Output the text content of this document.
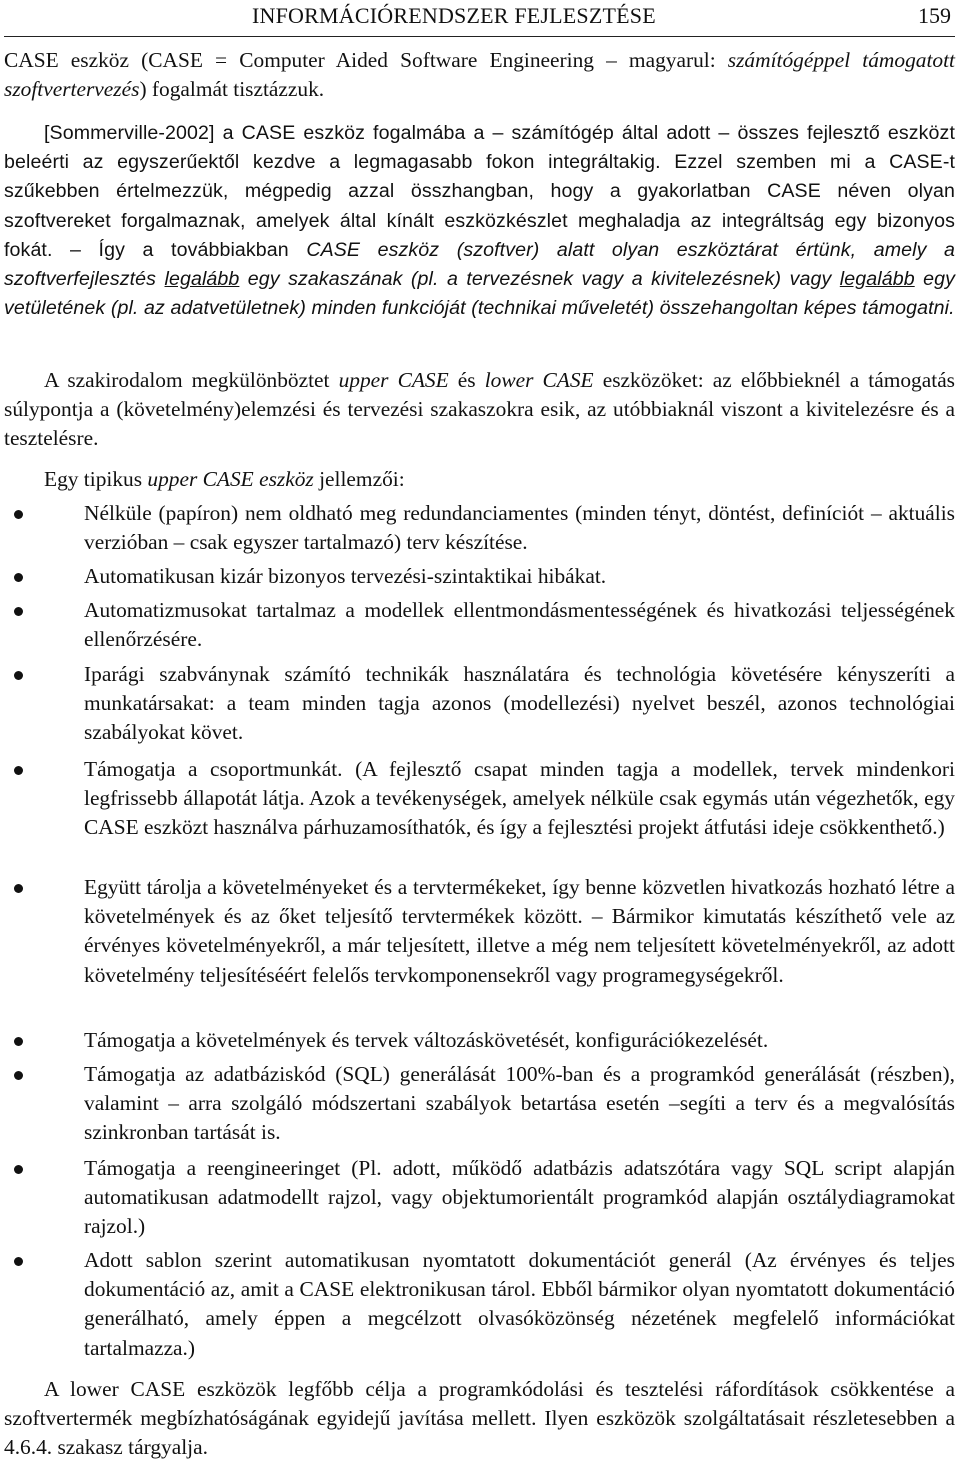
INFORMÁCIÓRENDSZER FEJLESZTÉSE	159

CASE eszköz (CASE = Computer Aided Software Engineering – magyarul: számítógéppel támogatott szoftvertervezés) fogalmát tisztázzuk.

[Sommerville-2002] a CASE eszköz fogalmába a – számítógép által adott – összes fejlesztő eszközt beleérti az egyszerűektől kezdve a legmagasabb fokon integráltakig. Ezzel szemben mi a CASE-t szűkebben értelmezzük, mégpedig azzal összhangban, hogy a gyakorlatban CASE néven olyan szoftvereket forgalmaznak, amelyek által kínált eszközkészlet meghaladja az integráltság egy bizonyos fokát. – Így a továbbiakban CASE eszköz (szoftver) alatt olyan eszköztárat értünk, amely a szoftverfejlesztés legalább egy szakaszának (pl. a tervezésnek vagy a kivitelezésnek) vagy legalább egy vetületének (pl. az adatvetületnek) minden funkcióját (technikai műveletét) összehangoltan képes támogatni.

A szakirodalom megkülönböztet upper CASE és lower CASE eszközöket: az előbbieknél a támogatás súlypontja a (követelmény)elemzési és tervezési szakaszokra esik, az utóbbiaknál viszont a kivitelezésre és a tesztelésre.

Egy tipikus upper CASE eszköz jellemzői:

Nélküle (papíron) nem oldható meg redundanciamentes (minden tényt, döntést, definíciót – aktuális verzióban – csak egyszer tartalmazó) terv készítése.

Automatikusan kizár bizonyos tervezési-szintaktikai hibákat.

Automatizmusokat tartalmaz a modellek ellentmondásmentességének és hivatkozási teljességének ellenőrzésére.

Iparági szabványnak számító technikák használatára és technológia követésére kényszeríti a munkatársakat: a team minden tagja azonos (modellezési) nyelvet beszél, azonos technológiai szabályokat követ.

Támogatja a csoportmunkát. (A fejlesztő csapat minden tagja a modellek, tervek mindenkori legfrissebb állapotát látja. Azok a tevékenységek, amelyek nélküle csak egymás után végezhetők, egy CASE eszközt használva párhuzamosíthatók, és így a fejlesztési projekt átfutási ideje csökkenthető.)

Együtt tárolja a követelményeket és a tervtermékeket, így benne közvetlen hivatkozás hozható létre a követelmények és az őket teljesítő tervtermékek között. – Bármikor kimutatás készíthető vele az érvényes követelményekről, a már teljesített, illetve a még nem teljesített követelményekről, az adott követelmény teljesítéséért felelős tervkomponensekről vagy programegységekről.

Támogatja a követelmények és tervek változáskövetését, konfigurációkezelését.

Támogatja az adatbáziskód (SQL) generálását 100%-ban és a programkód generálását (részben), valamint – arra szolgáló módszertani szabályok betartása esetén –segíti a terv és a megvalósítás szinkronban tartását is.

Támogatja a reengineeringet (Pl. adott, működő adatbázis adatszótára vagy SQL script alapján automatikusan adatmodellt rajzol, vagy objektumorientált programkód alapján osztálydiagramokat rajzol.)

Adott sablon szerint automatikusan nyomtatott dokumentációt generál (Az érvényes és teljes dokumentáció az, amit a CASE elektronikusan tárol. Ebből bármikor olyan nyomtatott dokumentáció generálható, amely éppen a megcélzott olvasóközönség nézetének megfelelő információkat tartalmazza.)

A lower CASE eszközök legfőbb célja a programkódolási és tesztelési ráfordítások csökkentése a szoftvertermék megbízhatóságának egyidejű javítása mellett. Ilyen eszközök szolgáltatásait részletesebben a 4.6.4. szakasz tárgyalja.
